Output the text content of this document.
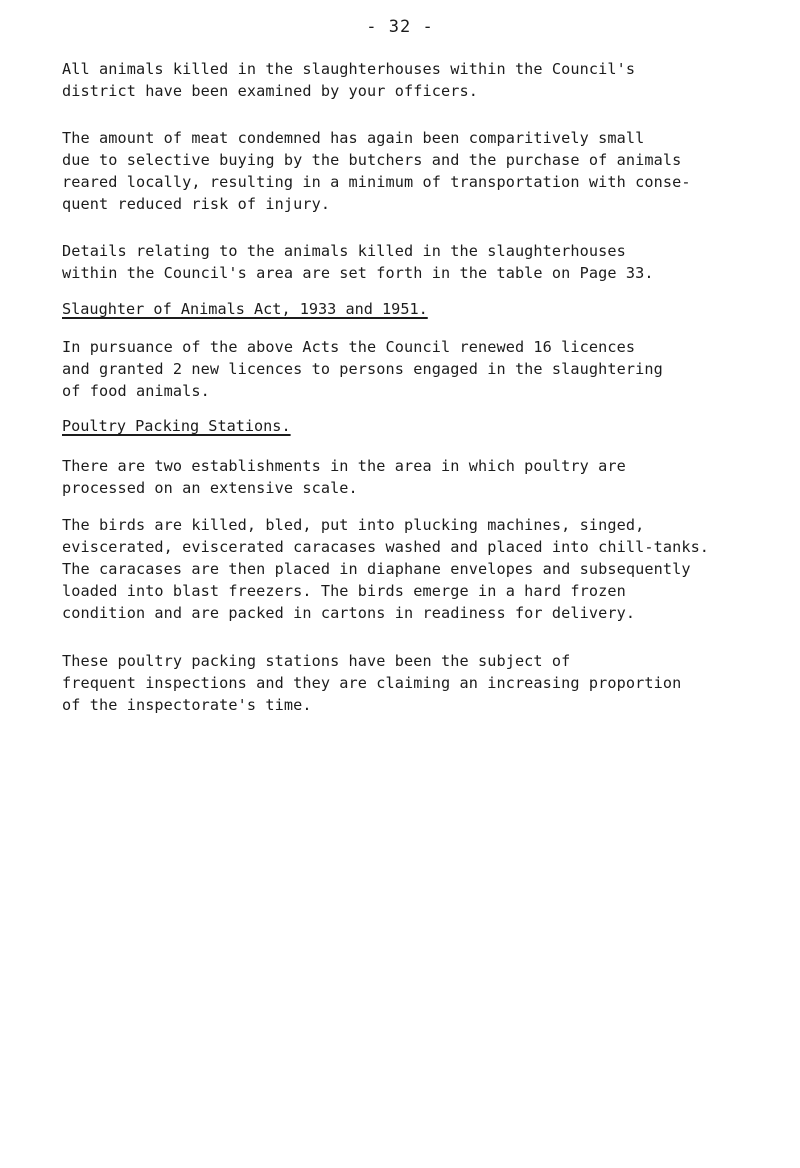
- 32 -
All animals killed in the slaughterhouses within the Council's
district have been examined by your officers.
The amount of meat condemned has again been comparitively small
due to selective buying by the butchers and the purchase of animals
reared locally, resulting in a minimum of transportation with conse-
quent reduced risk of injury.
Details relating to the animals killed in the slaughterhouses
within the Council's area are set forth in the table on Page 33.
Slaughter of Animals Act, 1933 and 1951.
In pursuance of the above Acts the Council renewed 16 licences
and granted 2 new licences to persons engaged in the slaughtering
of food animals.
Poultry Packing Stations.
There are two establishments in the area in which poultry are
processed on an extensive scale.
The birds are killed, bled, put into plucking machines, singed,
eviscerated, eviscerated caracases washed and placed into chill-tanks.
The caracases are then placed in diaphane envelopes and subsequently
loaded into blast freezers. The birds emerge in a hard frozen
condition and are packed in cartons in readiness for delivery.
These poultry packing stations have been the subject of
frequent inspections and they are claiming an increasing proportion
of the inspectorate's time.
